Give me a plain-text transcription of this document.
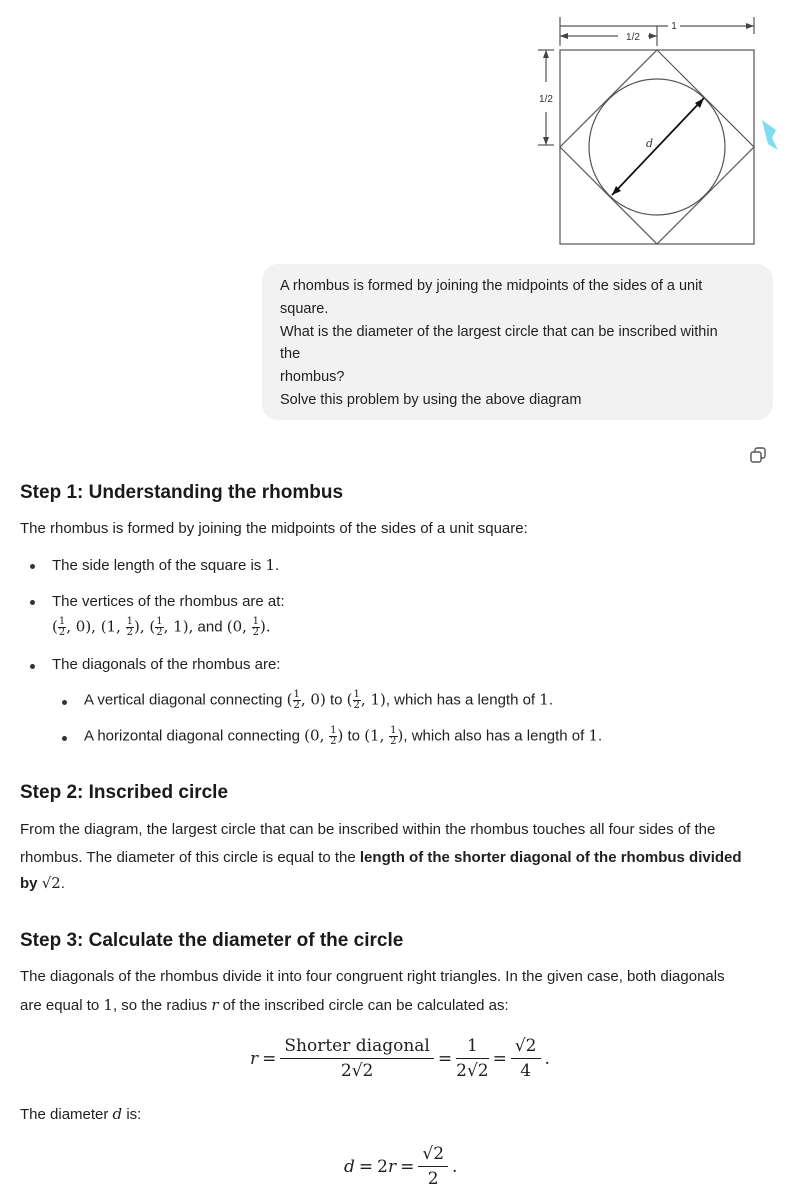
1/2
1
1/2
d
A rhombus is formed by joining the midpoints of the sides of a unit
square.
What is the diameter of the largest circle that can be inscribed within
the
rhombus?
Solve this problem by using the above diagram
Step 1: Understanding the rhombus
The rhombus is formed by joining the midpoints of the sides of a unit square:
The side length of the square is 1.
The vertices of the rhombus are at:
( $\frac{1}{2}$ , 0), (1, $\frac{1}{2}$ ), ( $\frac{1}{2}$ , 1), and (0, $\frac{1}{2}$ ).
The diagonals of the rhombus are:
A vertical diagonal connecting ( $\frac{1}{2}$ , 0) to ( $\frac{1}{2}$ , 1), which has a length of 1.
A horizontal diagonal connecting (0, $\frac{1}{2}$ ) to (1, $\frac{1}{2}$ ), which also has a length of 1.
Step 2: Inscribed circle
From the diagram, the largest circle that can be inscribed within the rhombus touches all four sides of the
rhombus. The diameter of this circle is equal to the length of the shorter diagonal of the rhombus divided
by √2.
Step 3: Calculate the diameter of the circle
The diagonals of the rhombus divide it into four congruent right triangles. In the given case, both diagonals
are equal to 1, so the radius r of the inscribed circle can be calculated as:
r =
Shorter diagonal
2√2
= $\frac{1}{2√2} = \frac{√2}{4}$ .
The diameter d is:
$d = 2r = \frac{√2}{2}$ .
